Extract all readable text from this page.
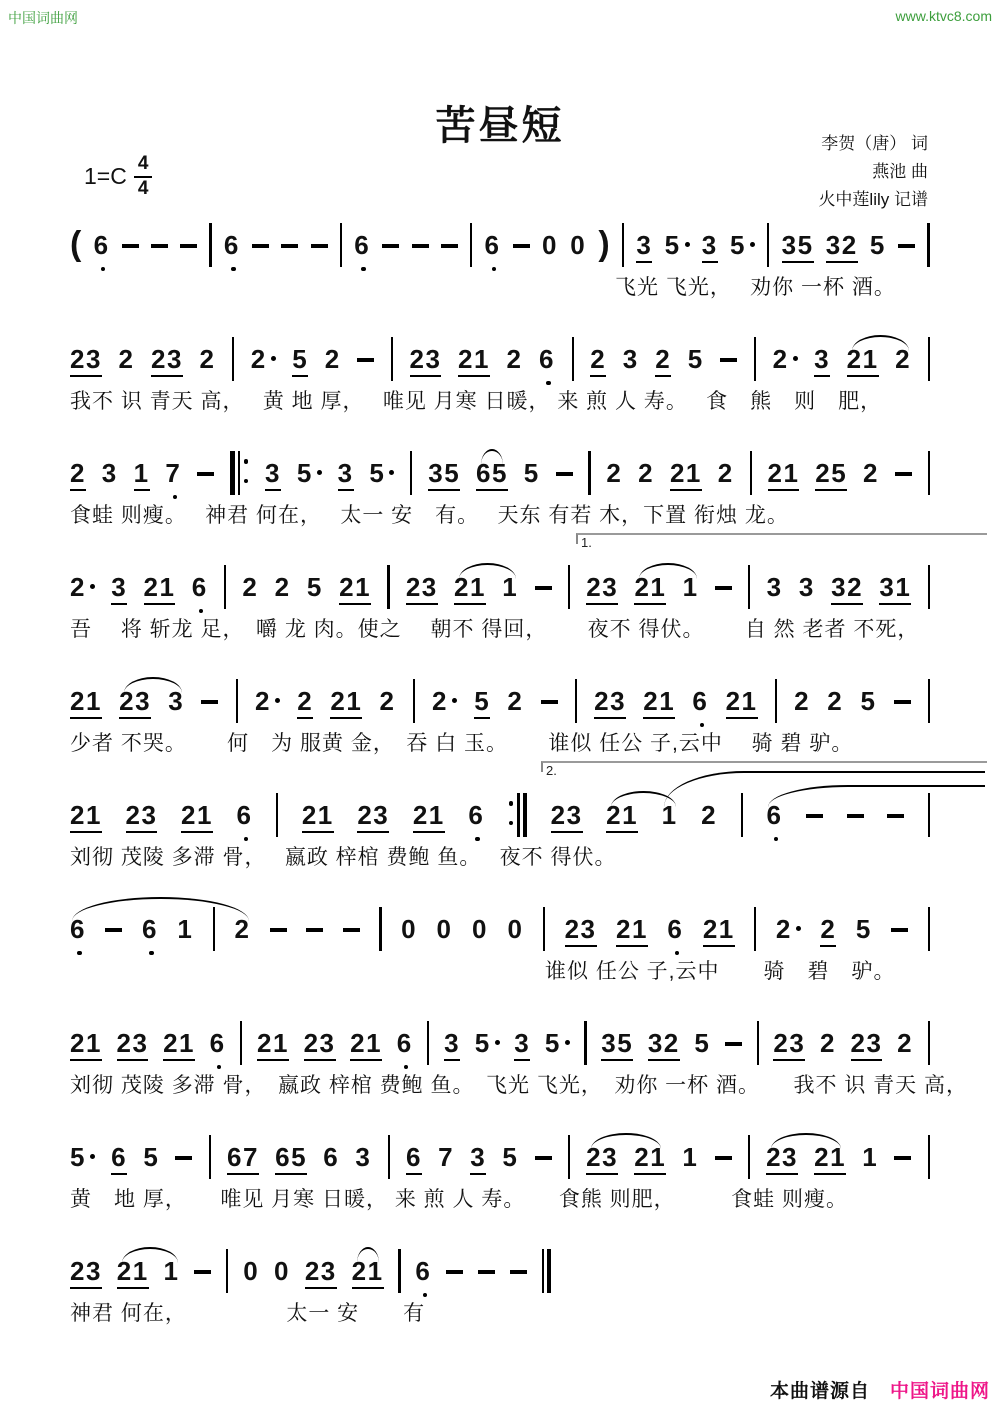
中国词曲网	www.ktvc8.com
苦昼短	李贺（唐） 词
燕池 曲
火中莲lily 记谱
$1=C \frac{4}{4}$
( 6	6	6	6 0 0 ) 3 5 3 5 35 32 5
飞光 飞光，　 劝你 一杯 酒。
23 2 23 2 2 5 2	23 21 2 6 2 3 2 5	2 3 21 2
我不 识 青天 高，　 黄 地 厚，　 唯见 月寒 日暖， 来 煎 人 寿。　 食　熊　则　肥，
2 3 1 7	3 5 3 5 35 65 5	2 2 21 2 21 25 2
食蛙 则瘦。　 神君 何在，　 太一 安　有。　 天东 有若 木，下置 衔烛 龙。
2 3 21 6 2 2 5 21 23 21 1	23 21 1	3 3 32 31
1.
吾　 将 斩龙 足，　嚼 龙 肉。使之　 朝不 得回，　　 夜不 得伏。　　 自 然 老者 不死，
21 23 3	2 2 21 2 2 5 2	23 21 6 21 2 2 5
少者 不哭。　　 何　为 服黄 金，　吞 白 玉。　　 谁似 任公 子,云中　 骑 碧 驴。
21 23 21 6 21 23 21 6	23 21 1 2 6
2.
刘彻 茂陵 多滞 骨，　 嬴政 梓棺 费鲍 鱼。　 夜不 得伏。
6 6 1 2	0 0 0 0 23 21 6 21 2 2 5
谁似 任公 子,云中　　骑　碧　驴。
21 23 21 6 21 23 21 6 3 5 3 5 35 32 5 23 2 23 2
刘彻 茂陵 多滞 骨，　嬴政 梓棺 费鲍 鱼。　飞光 飞光，　劝你 一杯 酒。　　我不 识 青天 高，
5 6 5	67 65 6 3 6 7 3 5	23 21 1	23 21 1
黄　地 厚，　　唯见 月寒 日暖， 来 煎 人 寿。　　食熊 则肥，　　　食蛙 则瘦。
23 21 1 0 0 23 21 6
神君 何在，　　　　　太一 安　　有
本曲谱源自　 中国词曲网
